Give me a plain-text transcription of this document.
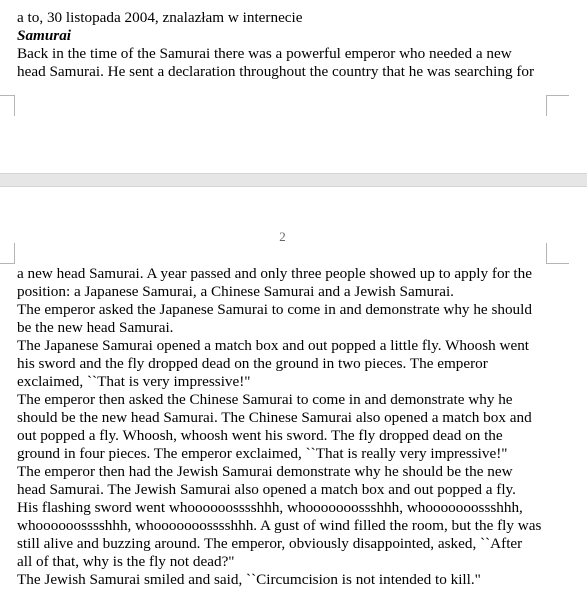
a to, 30 listopada 2004, znalazłam w internecie
Samurai
Back in the time of the Samurai there was a powerful emperor who needed a new
head Samurai. He sent a declaration throughout the country that he was searching for
2
a new head Samurai. A year passed and only three people showed up to apply for the
position: a Japanese Samurai, a Chinese Samurai and a Jewish Samurai.
The emperor asked the Japanese Samurai to come in and demonstrate why he should
be the new head Samurai.
The Japanese Samurai opened a match box and out popped a little fly. Whoosh went
his sword and the fly dropped dead on the ground in two pieces. The emperor
exclaimed, ``That is very impressive!"
The emperor then asked the Chinese Samurai to come in and demonstrate why he
should be the new head Samurai. The Chinese Samurai also opened a match box and
out popped a fly. Whoosh, whoosh went his sword. The fly dropped dead on the
ground in four pieces. The emperor exclaimed, ``That is really very impressive!"
The emperor then had the Jewish Samurai demonstrate why he should be the new
head Samurai. The Jewish Samurai also opened a match box and out popped a fly.
His flashing sword went whoooooosssshhh, whooooooossshhh, whooooooossshhh,
whoooooosssshhh, whooooooosssshhh. A gust of wind filled the room, but the fly was
still alive and buzzing around. The emperor, obviously disappointed, asked, ``After
all of that, why is the fly not dead?"
The Jewish Samurai smiled and said, ``Circumcision is not intended to kill."
